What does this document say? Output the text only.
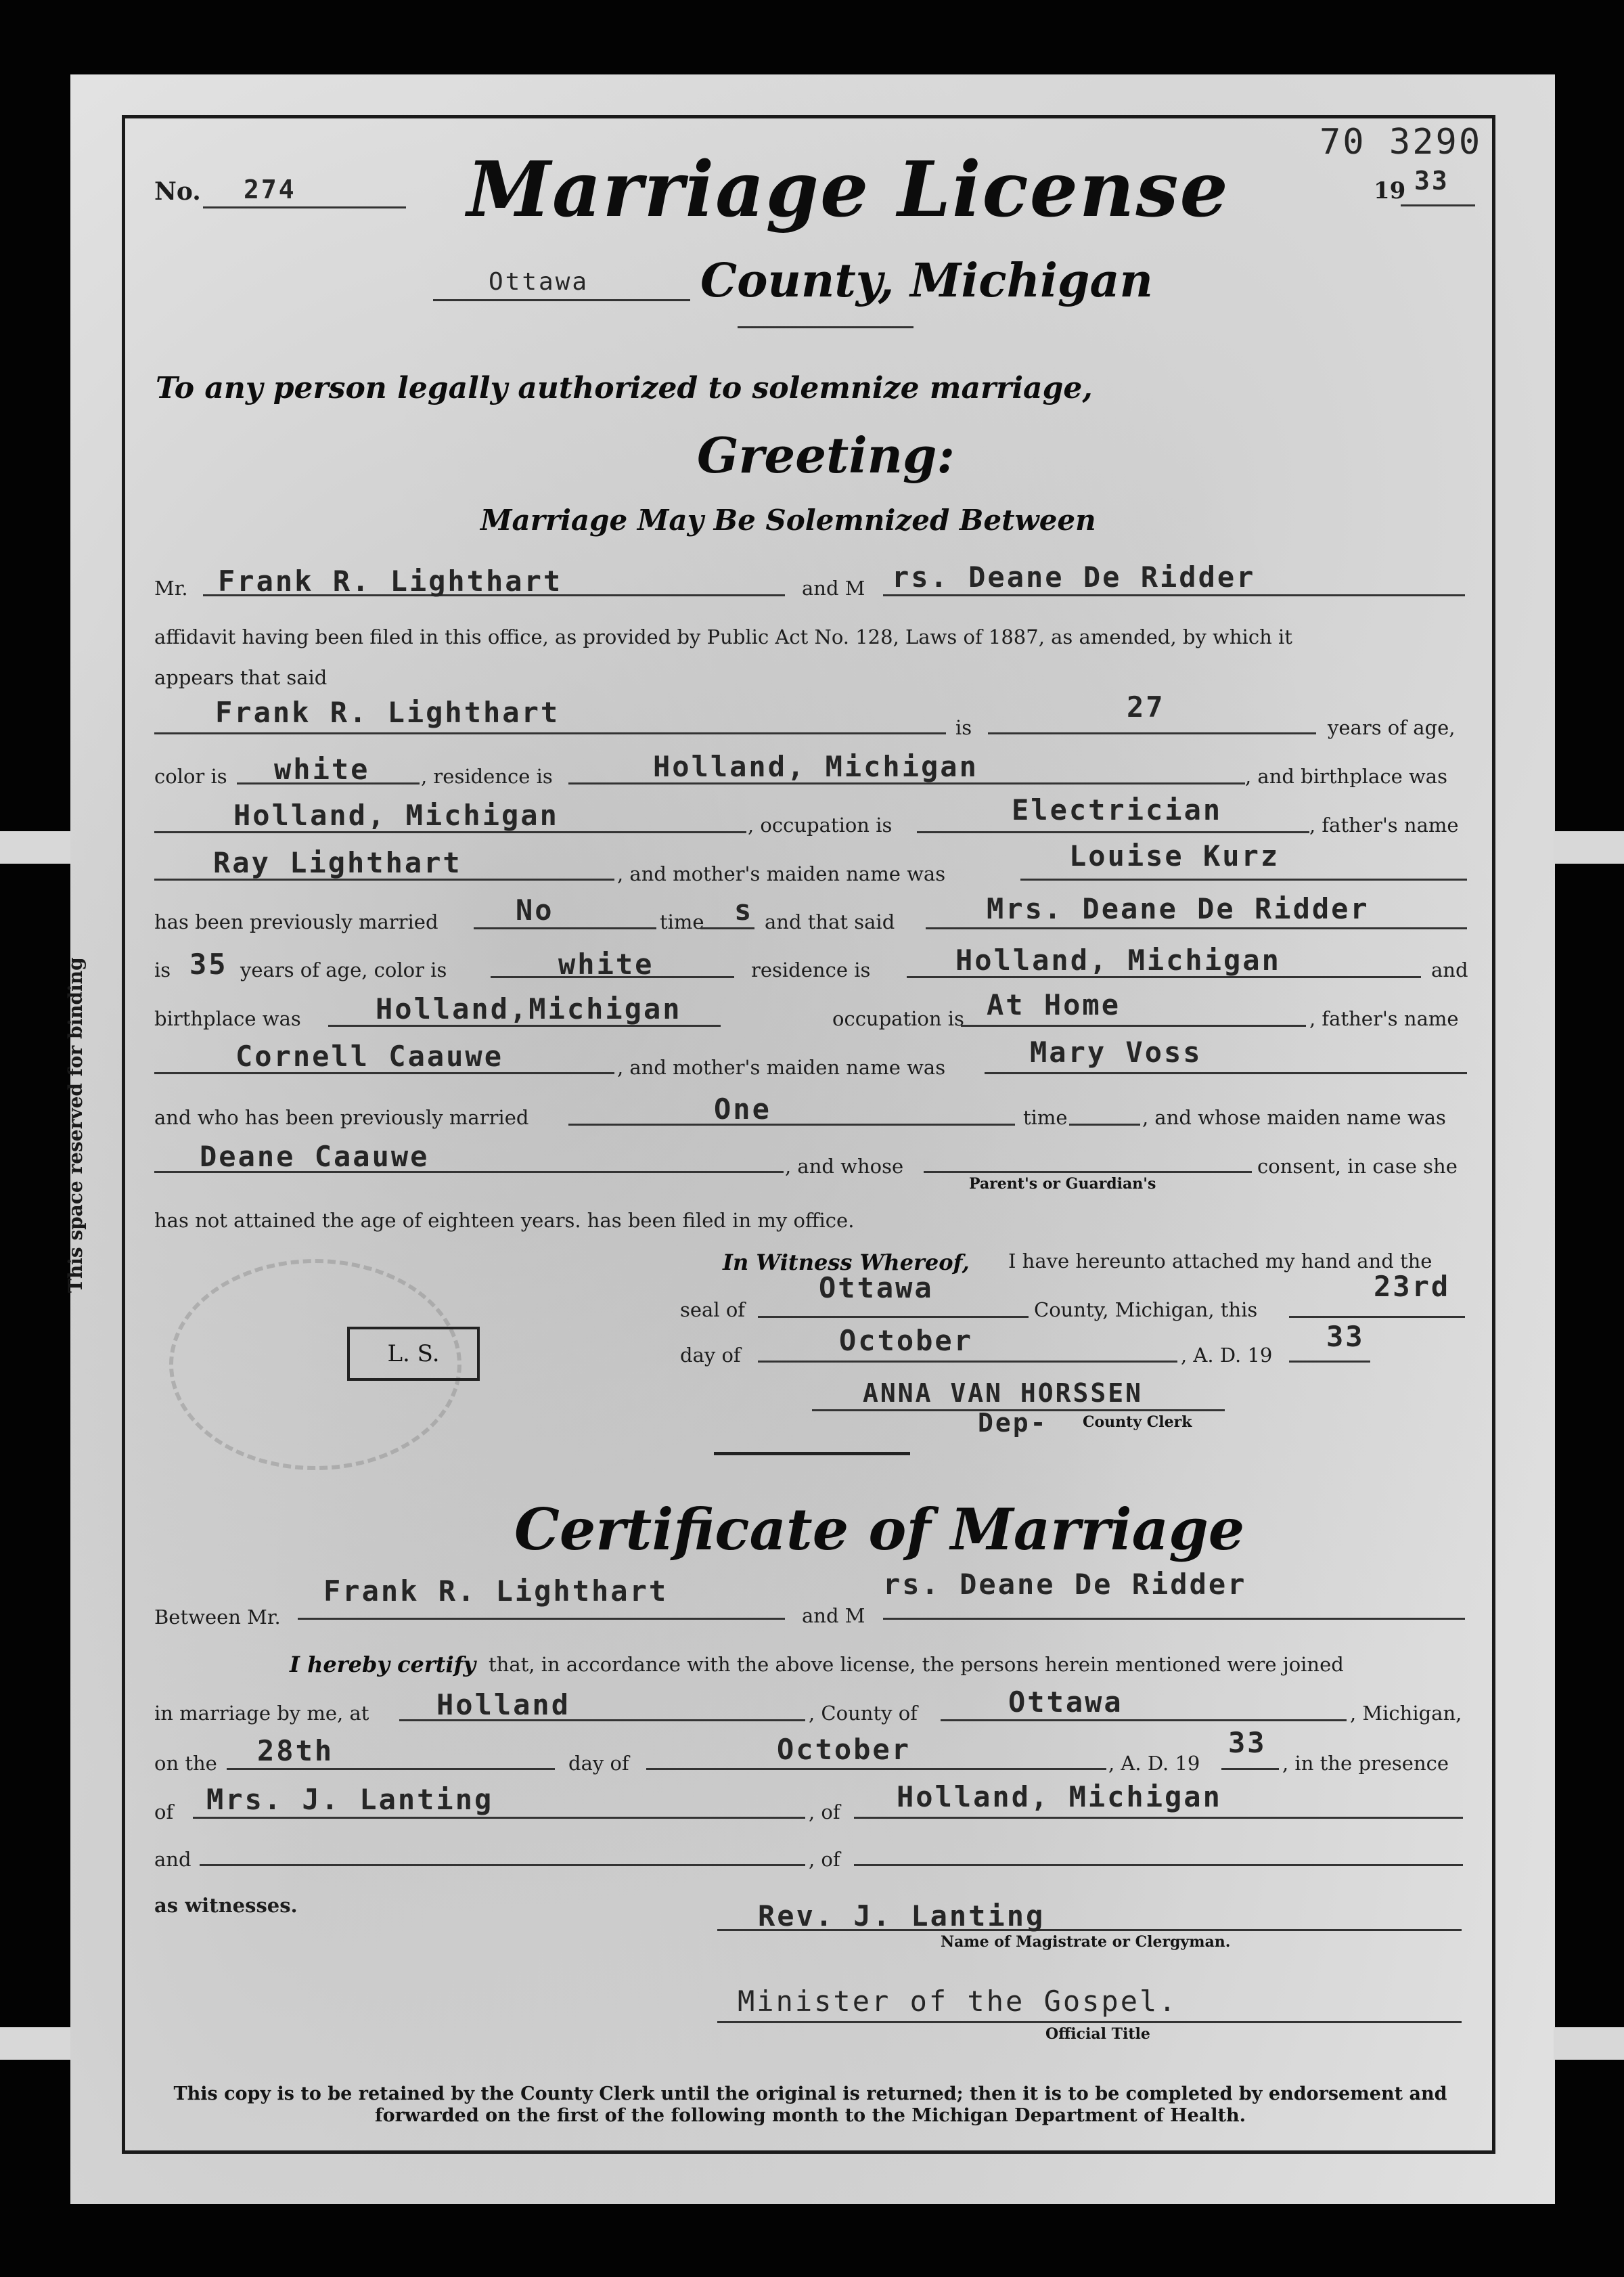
This space reserved for binding
70 3290
No. 274 Marriage License	19 33
Ottawa County, Michigan
To any person legally authorized to solemnize marriage,
Greeting:
Marriage May Be Solemnized Between
Mr. Frank R. Lighthart	and M rs. Deane De Ridder
affidavit having been filed in this office, as provided by Public Act No. 128, Laws of 1887, as amended, by which it
appears that said
Frank R. Lighthart	is
27
years of age,
color is white	, residence is	Holland, Michigan	, and birthplace was
Holland, Michigan	, occupation is	Electrician	, father's name
Ray Lighthart	, and mother's maiden name was
Louise Kurz
has been previously married	No	time s and that said	Mrs. Deane De Ridder
is 35 years of age, color is	white	residence is	Holland, Michigan	and
birthplace was	Holland,Michigan	occupation is At Home	, father's name
Cornell Caauwe	, and mother's maiden name was	Mary Voss
and who has been previously married	One	time	, and whose maiden name was
Deane Caauwe	, and whose
Parent's or Guardian's
consent, in case she
has not attained the age of eighteen years. has been filed in my office.
In Witness Whereof, I have hereunto attached my hand and the
L. S.
seal of
Ottawa
County, Michigan, this
23rd
day of	October	, A. D. 19
33
ANNA VAN HORSSEN
Dep- County Clerk
Certificate of Marriage
Between Mr.
Frank R. Lighthart
and M
rs. Deane De Ridder
I hereby certify that, in accordance with the above license, the persons herein mentioned were joined
in marriage by me, at Holland	, County of	Ottawa	, Michigan,
on the 28th	day of	October	, A. D. 19
33
, in the presence
of Mrs. J. Lanting	, of Holland, Michigan
and	, of
as witnesses.	Rev. J. Lanting
Name of Magistrate or Clergyman.
Minister of the Gospel.
Official Title
This copy is to be retained by the County Clerk until the original is returned; then it is to be completed by endorsement and forwarded on the first of the following month to the Michigan Department of Health.
